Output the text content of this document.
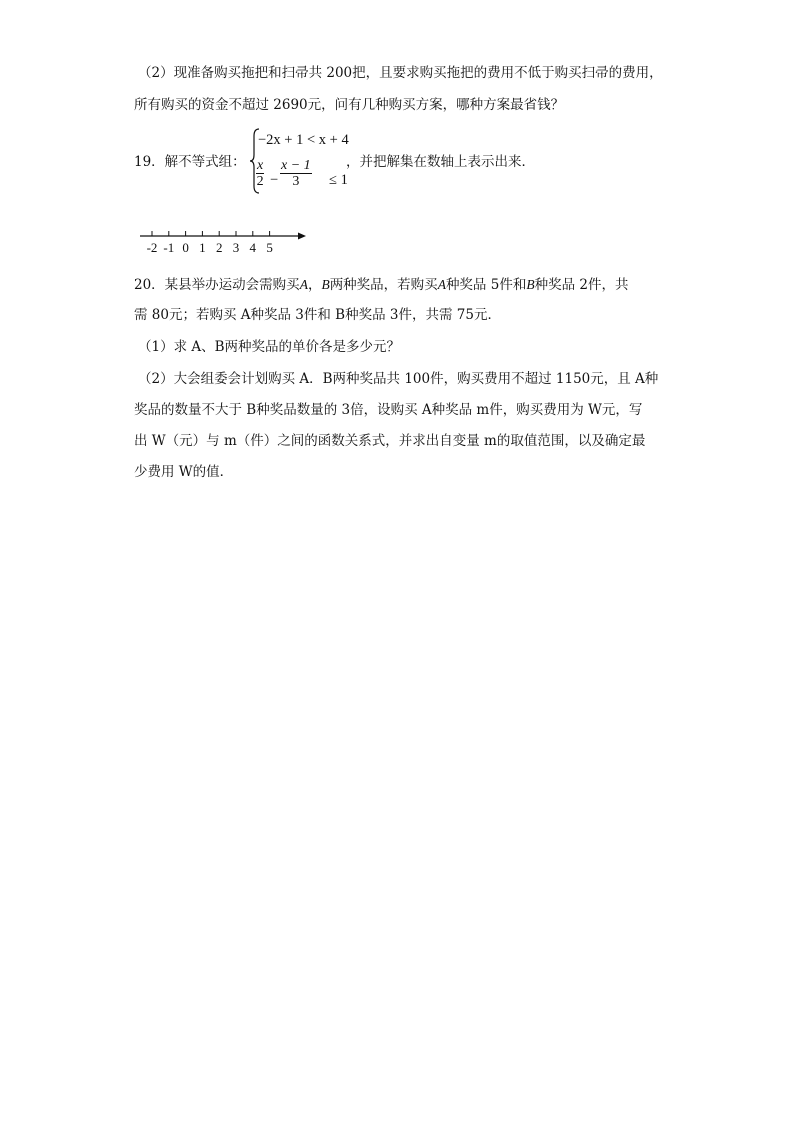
（2）现准备购买拖把和扫帚共 200把，且要求购买拖把的费用不低于购买扫帚的费用，
所有购买的资金不超过 2690元，问有几种购买方案，哪种方案最省钱？
19．解不等式组：
−2x + 1 < x + 4
$\frac{x}{2} - \frac{x - 1}{3} \le 1$
，并把解集在数轴上表示出来．
-2 -1 0 1 2 3 4 5
20．某县举办运动会需购买A，B两种奖品，若购买A种奖品 5件和B种奖品 2件，共
需 80元；若购买 A种奖品 3件和 B种奖品 3件，共需 75元．
（1）求 A、B两种奖品的单价各是多少元？
（2）大会组委会计划购买 A．B两种奖品共 100件，购买费用不超过 1150元，且 A种
奖品的数量不大于 B种奖品数量的 3倍，设购买 A种奖品 m件，购买费用为 W元，写
出 W（元）与 m（件）之间的函数关系式，并求出自变量 m的取值范围，以及确定最
少费用 W的值．
